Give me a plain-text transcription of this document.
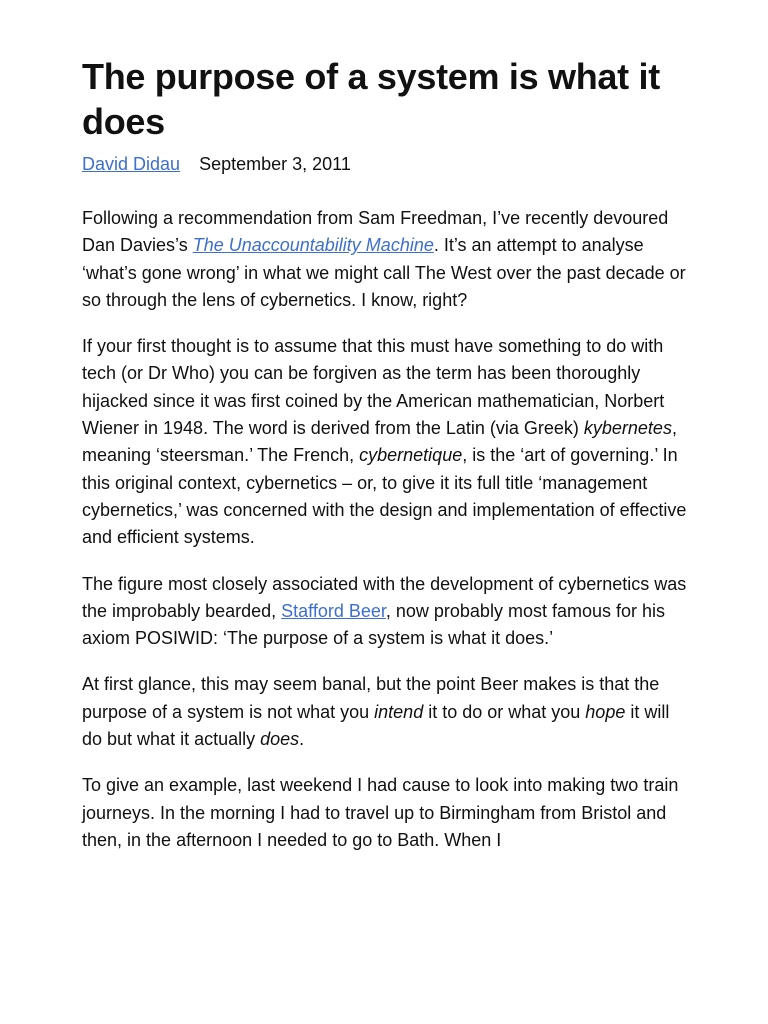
The purpose of a system is what it does
David Didau September 3, 2011

Following a recommendation from Sam Freedman, I’ve recently devoured Dan Davies’s The Unaccountability Machine. It’s an attempt to analyse ‘what’s gone wrong’ in what we might call The West over the past decade or so through the lens of cybernetics. I know, right?

If your first thought is to assume that this must have something to do with tech (or Dr Who) you can be forgiven as the term has been thoroughly hijacked since it was first coined by the American mathematician, Norbert Wiener in 1948. The word is derived from the Latin (via Greek) kybernetes, meaning ‘steersman.’ The French, cybernetique, is the ‘art of governing.’ In this original context, cybernetics – or, to give it its full title ‘management cybernetics,’ was concerned with the design and implementation of effective and efficient systems.

The figure most closely associated with the development of cybernetics was the improbably bearded, Stafford Beer, now probably most famous for his axiom POSIWID: ‘The purpose of a system is what it does.’

At first glance, this may seem banal, but the point Beer makes is that the purpose of a system is not what you intend it to do or what you hope it will do but what it actually does.

To give an example, last weekend I had cause to look into making two train journeys. In the morning I had to travel up to Birmingham from Bristol and then, in the afternoon I needed to go to Bath. When I
